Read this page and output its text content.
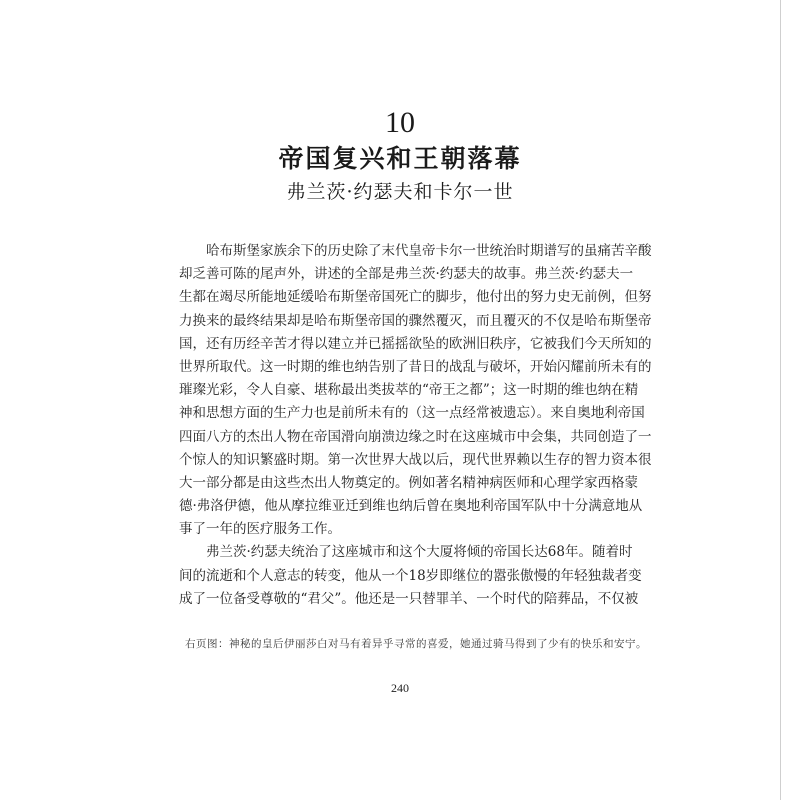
10
帝国复兴和王朝落幕
弗兰茨·约瑟夫和卡尔一世
哈布斯堡家族余下的历史除了末代皇帝卡尔一世统治时期谱写的虽痛苦辛酸
却乏善可陈的尾声外，讲述的全部是弗兰茨·约瑟夫的故事。弗兰茨·约瑟夫一
生都在竭尽所能地延缓哈布斯堡帝国死亡的脚步，他付出的努力史无前例，但努
力换来的最终结果却是哈布斯堡帝国的骤然覆灭，而且覆灭的不仅是哈布斯堡帝
国，还有历经辛苦才得以建立并已摇摇欲坠的欧洲旧秩序，它被我们今天所知的
世界所取代。这一时期的维也纳告别了昔日的战乱与破坏，开始闪耀前所未有的
璀璨光彩，令人自豪、堪称最出类拔萃的“帝王之都”；这一时期的维也纳在精
神和思想方面的生产力也是前所未有的（这一点经常被遗忘）。来自奥地利帝国
四面八方的杰出人物在帝国滑向崩溃边缘之时在这座城市中会集，共同创造了一
个惊人的知识繁盛时期。第一次世界大战以后，现代世界赖以生存的智力资本很
大一部分都是由这些杰出人物奠定的。例如著名精神病医师和心理学家西格蒙
德·弗洛伊德，他从摩拉维亚迁到维也纳后曾在奥地利帝国军队中十分满意地从
事了一年的医疗服务工作。
弗兰茨·约瑟夫统治了这座城市和这个大厦将倾的帝国长达68年。随着时
间的流逝和个人意志的转变，他从一个18岁即继位的嚣张傲慢的年轻独裁者变
成了一位备受尊敬的“君父”。他还是一只替罪羊、一个时代的陪葬品，不仅被
右页图：神秘的皇后伊丽莎白对马有着异乎寻常的喜爱，她通过骑马得到了少有的快乐和安宁。
240
